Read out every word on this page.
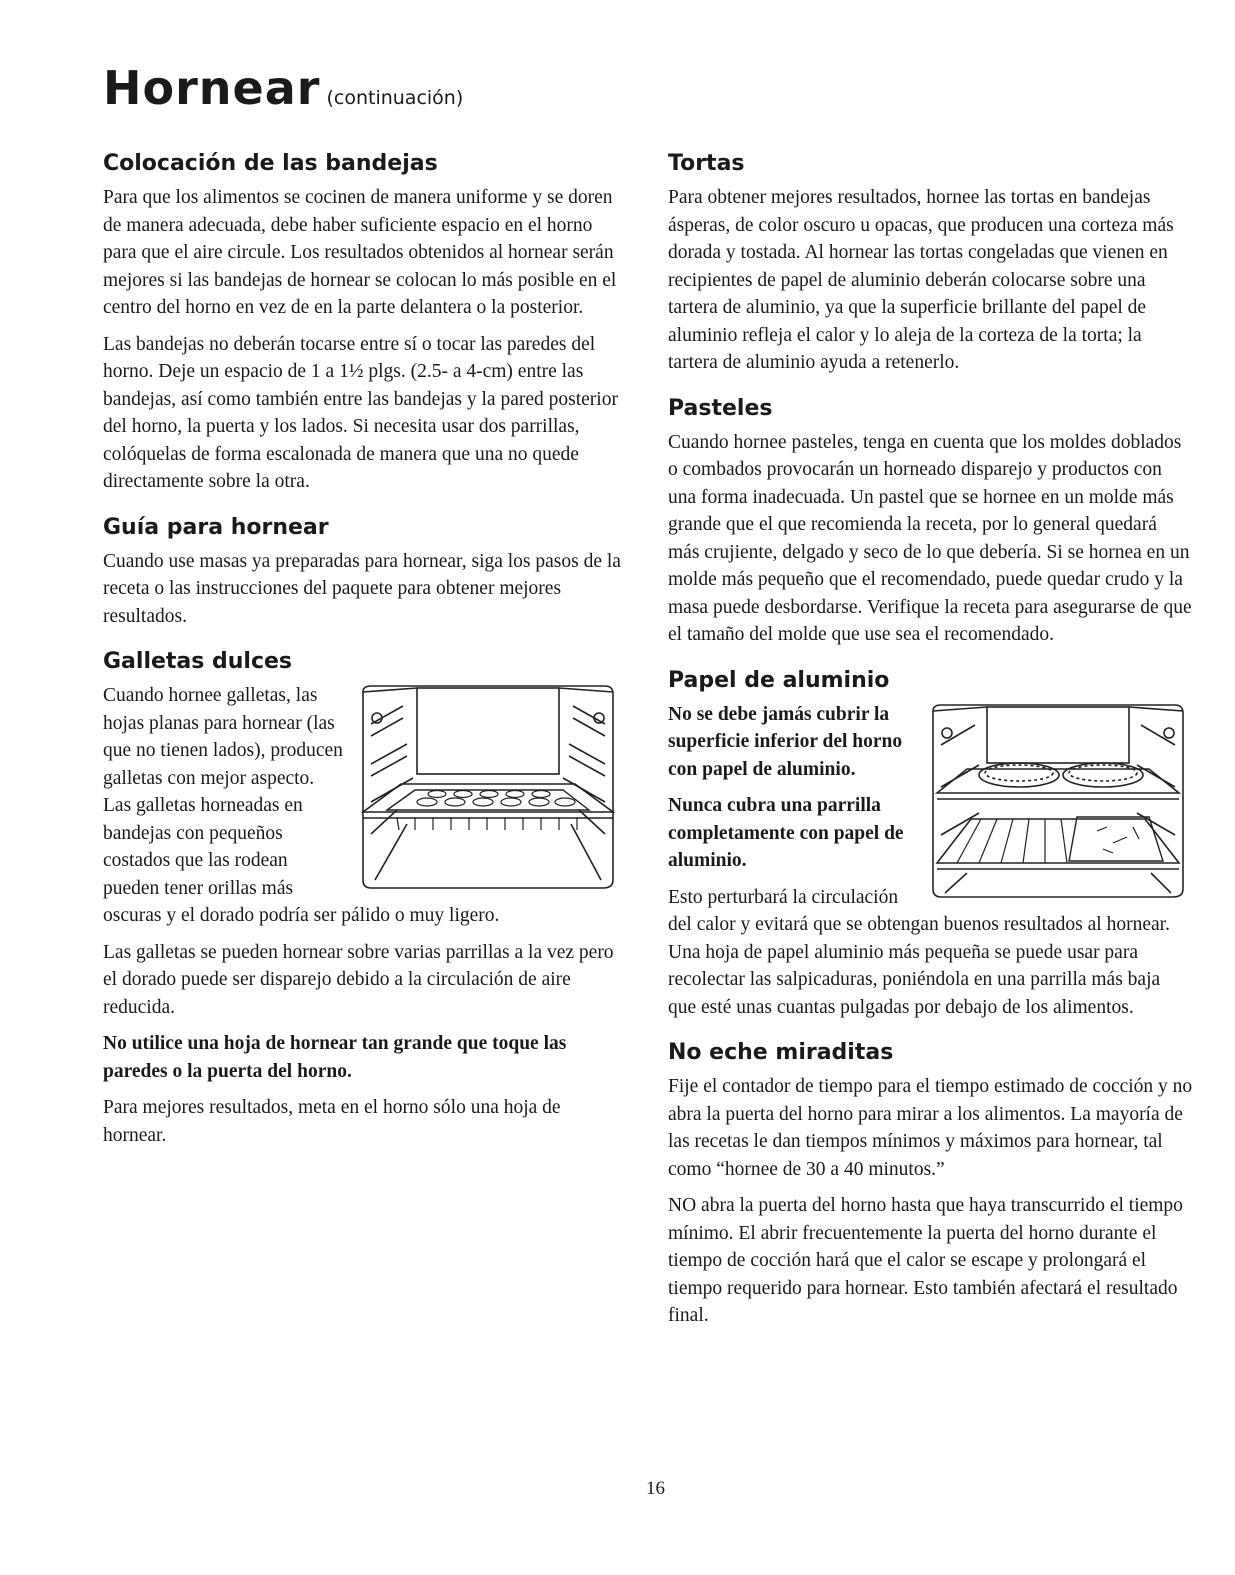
Hornear (continuación)
Colocación de las bandejas

Para que los alimentos se cocinen de manera uniforme y se doren de manera adecuada, debe haber suficiente espacio en el horno para que el aire circule. Los resultados obtenidos al hornear serán mejores si las bandejas de hornear se colocan lo más posible en el centro del horno en vez de en la parte delantera o la posterior.

Las bandejas no deberán tocarse entre sí o tocar las paredes del horno. Deje un espacio de 1 a 1½ plgs. (2.5- a 4-cm) entre las bandejas, así como también entre las bandejas y la pared posterior del horno, la puerta y los lados. Si necesita usar dos parrillas, colóquelas de forma escalonada de manera que una no quede directamente sobre la otra.

Guía para hornear

Cuando use masas ya preparadas para hornear, siga los pasos de la receta o las instrucciones del paquete para obtener mejores resultados.

Galletas dulces

Cuando hornee galletas, las hojas planas para hornear (las que no tienen lados), producen galletas con mejor aspecto. Las galletas horneadas en bandejas con pequeños costados que las rodean pueden tener orillas más oscuras y el dorado podría ser pálido o muy ligero.

Las galletas se pueden hornear sobre varias parrillas a la vez pero el dorado puede ser disparejo debido a la circulación de aire reducida.

No utilice una hoja de hornear tan grande que toque las paredes o la puerta del horno.

Para mejores resultados, meta en el horno sólo una hoja de hornear.

Tortas

Para obtener mejores resultados, hornee las tortas en bandejas ásperas, de color oscuro u opacas, que producen una corteza más dorada y tostada. Al hornear las tortas congeladas que vienen en recipientes de papel de aluminio deberán colocarse sobre una tartera de aluminio, ya que la superficie brillante del papel de aluminio refleja el calor y lo aleja de la corteza de la torta; la tartera de aluminio ayuda a retenerlo.

Pasteles

Cuando hornee pasteles, tenga en cuenta que los moldes doblados o combados provocarán un horneado disparejo y productos con una forma inadecuada. Un pastel que se hornee en un molde más grande que el que recomienda la receta, por lo general quedará más crujiente, delgado y seco de lo que debería. Si se hornea en un molde más pequeño que el recomendado, puede quedar crudo y la masa puede desbordarse. Verifique la receta para asegurarse de que el tamaño del molde que use sea el recomendado.

Papel de aluminio

No se debe jamás cubrir la superficie inferior del horno con papel de aluminio.

Nunca cubra una parrilla completamente con papel de aluminio.

Esto perturbará la circulación del calor y evitará que se obtengan buenos resultados al hornear. Una hoja de papel aluminio más pequeña se puede usar para recolectar las salpicaduras, poniéndola en una parrilla más baja que esté unas cuantas pulgadas por debajo de los alimentos.

No eche miraditas

Fije el contador de tiempo para el tiempo estimado de cocción y no abra la puerta del horno para mirar a los alimentos. La mayoría de las recetas le dan tiempos mínimos y máximos para hornear, tal como “hornee de 30 a 40 minutos.”

NO abra la puerta del horno hasta que haya transcurrido el tiempo mínimo. El abrir frecuentemente la puerta del horno durante el tiempo de cocción hará que el calor se escape y prolongará el tiempo requerido para hornear. Esto también afectará el resultado final.

16
